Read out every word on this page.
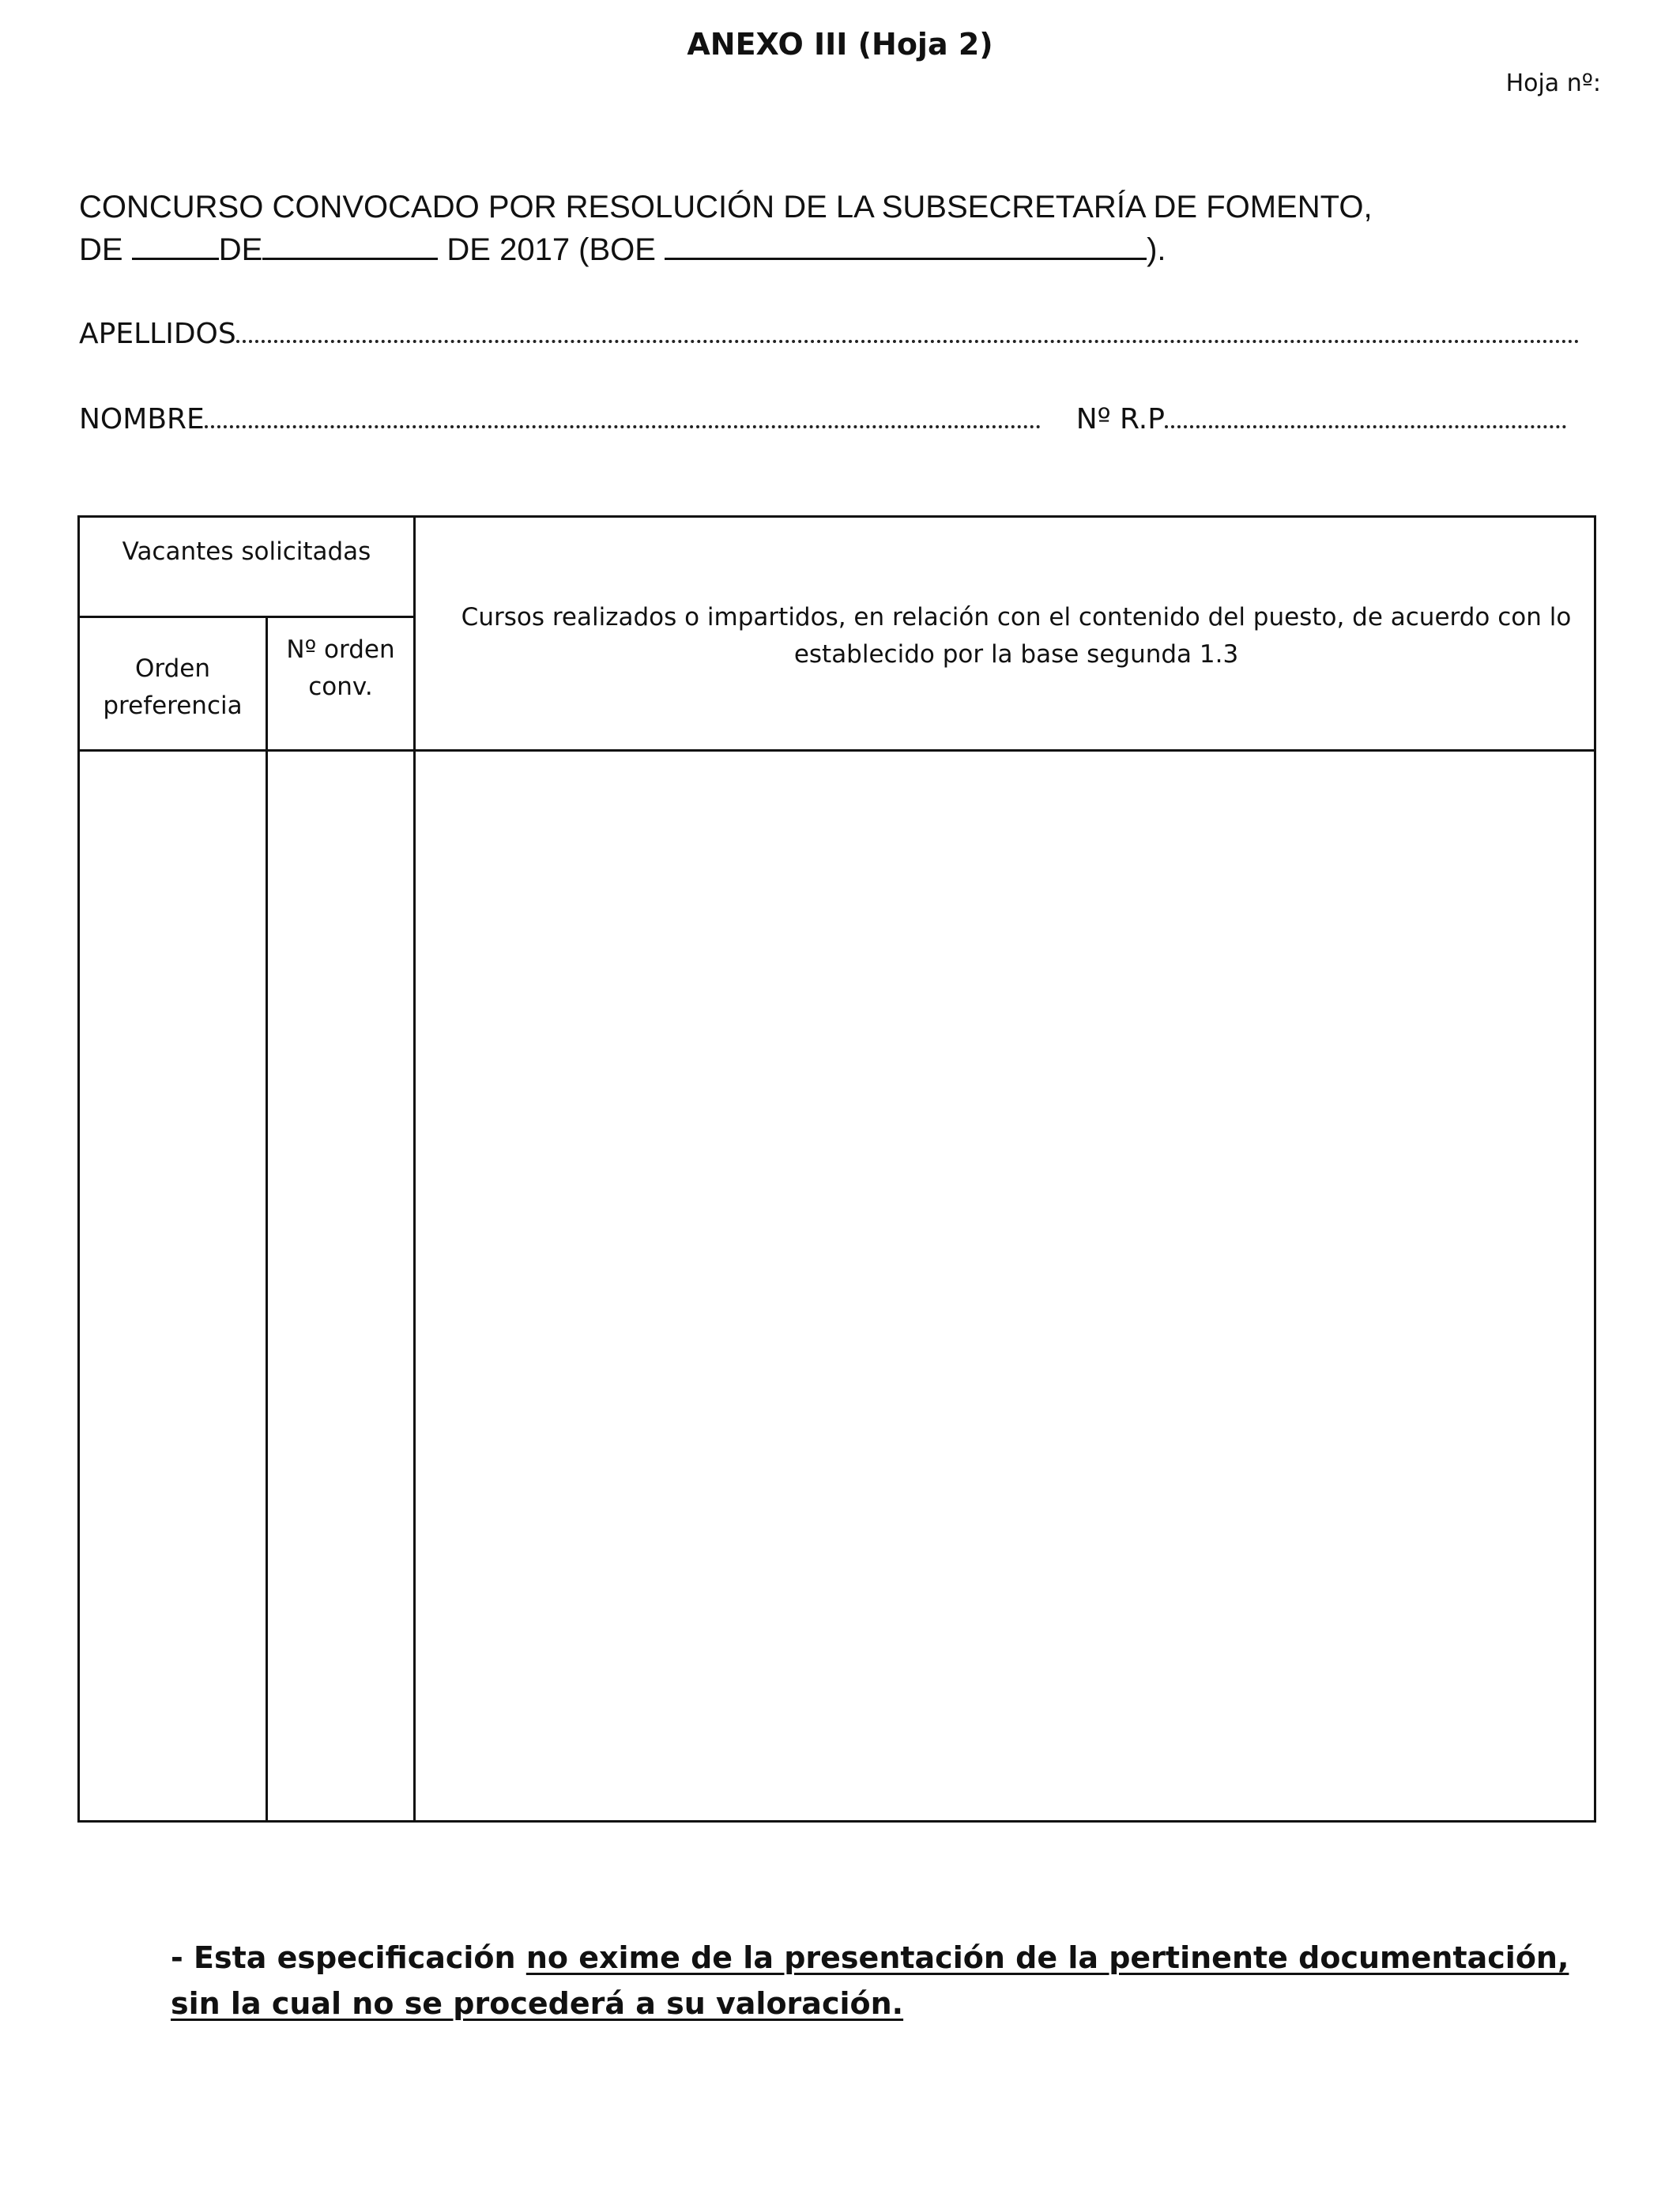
ANEXO III (Hoja 2)
Hoja nº:
CONCURSO CONVOCADO POR RESOLUCIÓN DE LA SUBSECRETARÍA DE FOMENTO,
DE	DE	DE 2017 (BOE	).
APELLIDOS
NOMBRE	Nº R.P
Vacantes solicitadas
Orden preferencia
Nº orden conv.
Cursos realizados o impartidos, en relación con el contenido del puesto, de acuerdo con lo establecido por la base segunda 1.3
- Esta especificación no exime de la presentación de la pertinente documentación, sin la cual no se procederá a su valoración.
